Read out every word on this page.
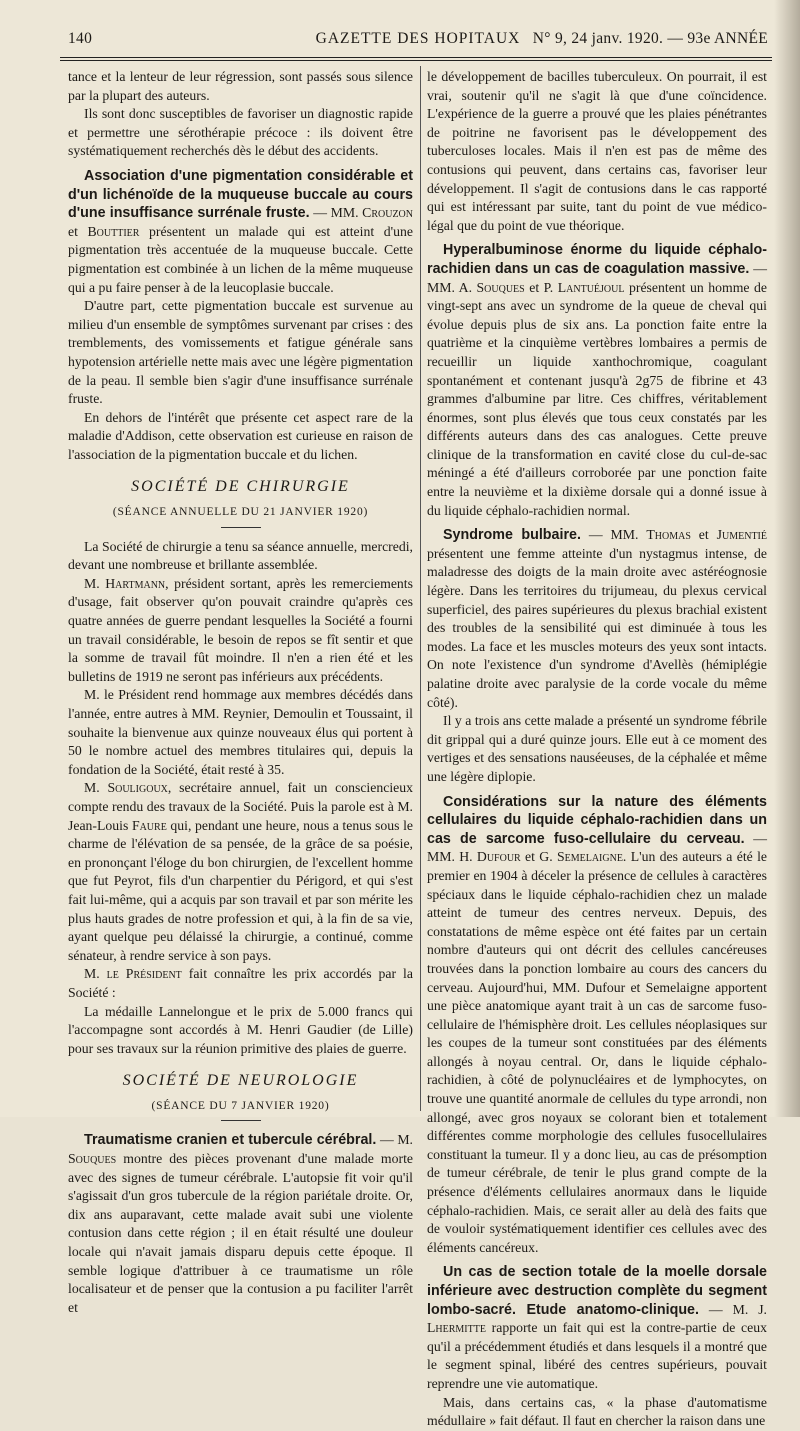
140	GAZETTE DES HOPITAUX N° 9, 24 janv. 1920. — 93e ANNÉE

tance et la lenteur de leur régression, sont passés sous silence par la plupart des auteurs.

Ils sont donc susceptibles de favoriser un diagnostic rapide et permettre une sérothérapie précoce : ils doivent être systématiquement recherchés dès le début des accidents.

Association d'une pigmentation considérable et d'un lichénoïde de la muqueuse buccale au cours d'une insuffisance surrénale fruste. — MM. Crouzon et Bouttier présentent un malade qui est atteint d'une pigmentation très accentuée de la muqueuse buccale. Cette pigmentation est combinée à un lichen de la même muqueuse qui a pu faire penser à de la leucoplasie buccale.

D'autre part, cette pigmentation buccale est survenue au milieu d'un ensemble de symptômes survenant par crises : des tremblements, des vomissements et fatigue générale sans hypotension artérielle nette mais avec une légère pigmentation de la peau. Il semble bien s'agir d'une insuffisance surrénale fruste.

En dehors de l'intérêt que présente cet aspect rare de la maladie d'Addison, cette observation est curieuse en raison de l'association de la pigmentation buccale et du lichen.

SOCIÉTÉ DE CHIRURGIE
(SÉANCE ANNUELLE DU 21 JANVIER 1920)

La Société de chirurgie a tenu sa séance annuelle, mercredi, devant une nombreuse et brillante assemblée.

M. Hartmann, président sortant, après les remerciements d'usage, fait observer qu'on pouvait craindre qu'après ces quatre années de guerre pendant lesquelles la Société a fourni un travail considérable, le besoin de repos se fît sentir et que la somme de travail fût moindre. Il n'en a rien été et les bulletins de 1919 ne seront pas inférieurs aux précédents.

M. le Président rend hommage aux membres décédés dans l'année, entre autres à MM. Reynier, Demoulin et Toussaint, il souhaite la bienvenue aux quinze nouveaux élus qui portent à 50 le nombre actuel des membres titulaires qui, depuis la fondation de la Société, était resté à 35.

M. Souligoux, secrétaire annuel, fait un consciencieux compte rendu des travaux de la Société. Puis la parole est à M. Jean-Louis Faure qui, pendant une heure, nous a tenus sous le charme de l'élévation de sa pensée, de la grâce de sa poésie, en prononçant l'éloge du bon chirurgien, de l'excellent homme que fut Peyrot, fils d'un charpentier du Périgord, et qui s'est fait lui-même, qui a acquis par son travail et par son mérite les plus hauts grades de notre profession et qui, à la fin de sa vie, ayant quelque peu délaissé la chirurgie, a continué, comme sénateur, à rendre service à son pays.

M. le Président fait connaître les prix accordés par la Société :

La médaille Lannelongue et le prix de 5.000 francs qui l'accompagne sont accordés à M. Henri Gaudier (de Lille) pour ses travaux sur la réunion primitive des plaies de guerre.

SOCIÉTÉ DE NEUROLOGIE
(SÉANCE DU 7 JANVIER 1920)

Traumatisme cranien et tubercule cérébral. — M. Souques montre des pièces provenant d'une malade morte avec des signes de tumeur cérébrale. L'autopsie fit voir qu'il s'agissait d'un gros tubercule de la région pariétale droite. Or, dix ans auparavant, cette malade avait subi une violente contusion dans cette région ; il en était résulté une douleur locale qui n'avait jamais disparu depuis cette époque. Il semble logique d'attribuer à ce traumatisme un rôle localisateur et de penser que la contusion a pu faciliter l'arrêt et

le développement de bacilles tuberculeux. On pourrait, il est vrai, soutenir qu'il ne s'agit là que d'une coïncidence. L'expérience de la guerre a prouvé que les plaies pénétrantes de poitrine ne favorisent pas le développement des tuberculoses locales. Mais il n'en est pas de même des contusions qui peuvent, dans certains cas, favoriser leur développement. Il s'agit de contusions dans le cas rapporté qui est intéressant par suite, tant du point de vue médico-légal que du point de vue théorique.

Hyperalbuminose énorme du liquide céphalo-rachidien dans un cas de coagulation massive. — MM. A. Souques et P. Lantuéjoul présentent un homme de vingt-sept ans avec un syndrome de la queue de cheval qui évolue depuis plus de six ans. La ponction faite entre la quatrième et la cinquième vertèbres lombaires a permis de recueillir un liquide xanthochromique, coagulant spontanément et contenant jusqu'à 2g75 de fibrine et 43 grammes d'albumine par litre. Ces chiffres, véritablement énormes, sont plus élevés que tous ceux constatés par les différents auteurs dans des cas analogues. Cette preuve clinique de la transformation en cavité close du cul-de-sac méningé a été d'ailleurs corroborée par une ponction faite entre la neuvième et la dixième dorsale qui a donné issue à du liquide céphalo-rachidien normal.

Syndrome bulbaire. — MM. Thomas et Jumentié présentent une femme atteinte d'un nystagmus intense, de maladresse des doigts de la main droite avec astéréognosie légère. Dans les territoires du trijumeau, du plexus cervical superficiel, des paires supérieures du plexus brachial existent des troubles de la sensibilité qui est diminuée à tous les modes. La face et les muscles moteurs des yeux sont intacts. On note l'existence d'un syndrome d'Avellès (hémiplégie palatine droite avec paralysie de la corde vocale du même côté).

Il y a trois ans cette malade a présenté un syndrome fébrile dit grippal qui a duré quinze jours. Elle eut à ce moment des vertiges et des sensations nauséeuses, de la céphalée et même une légère diplopie.

Considérations sur la nature des éléments cellulaires du liquide céphalo-rachidien dans un cas de sarcome fuso-cellulaire du cerveau. — MM. H. Dufour et G. Semelaigne. L'un des auteurs a été le premier en 1904 à déceler la présence de cellules à caractères spéciaux dans le liquide céphalo-rachidien chez un malade atteint de tumeur des centres nerveux. Depuis, des constatations de même espèce ont été faites par un certain nombre d'auteurs qui ont décrit des cellules cancéreuses trouvées dans la ponction lombaire au cours des cancers du cerveau. Aujourd'hui, MM. Dufour et Semelaigne apportent une pièce anatomique ayant trait à un cas de sarcome fuso-cellulaire de l'hémisphère droit. Les cellules néoplasiques sur les coupes de la tumeur sont constituées par des éléments allongés à noyau central. Or, dans le liquide céphalo-rachidien, à côté de polynucléaires et de lymphocytes, on trouve une quantité anormale de cellules du type arrondi, non allongé, avec gros noyaux se colorant bien et totalement différentes comme morphologie des cellules fusocellulaires constituant la tumeur. Il y a donc lieu, au cas de présomption de tumeur cérébrale, de tenir le plus grand compte de la présence d'éléments cellulaires anormaux dans le liquide céphalo-rachidien. Mais, ce serait aller au delà des faits que de vouloir systématiquement identifier ces cellules avec des éléments cancéreux.

Un cas de section totale de la moelle dorsale inférieure avec destruction complète du segment lombo-sacré. Etude anatomo-clinique. — M. J. Lhermitte rapporte un fait qui est la contre-partie de ceux qu'il a précédemment étudiés et dans lesquels il a montré que le segment spinal, libéré des centres supérieurs, pouvait reprendre une vie automatique.

Mais, dans certains cas, « la phase d'automatisme médullaire » fait défaut. Il faut en chercher la raison dans une
